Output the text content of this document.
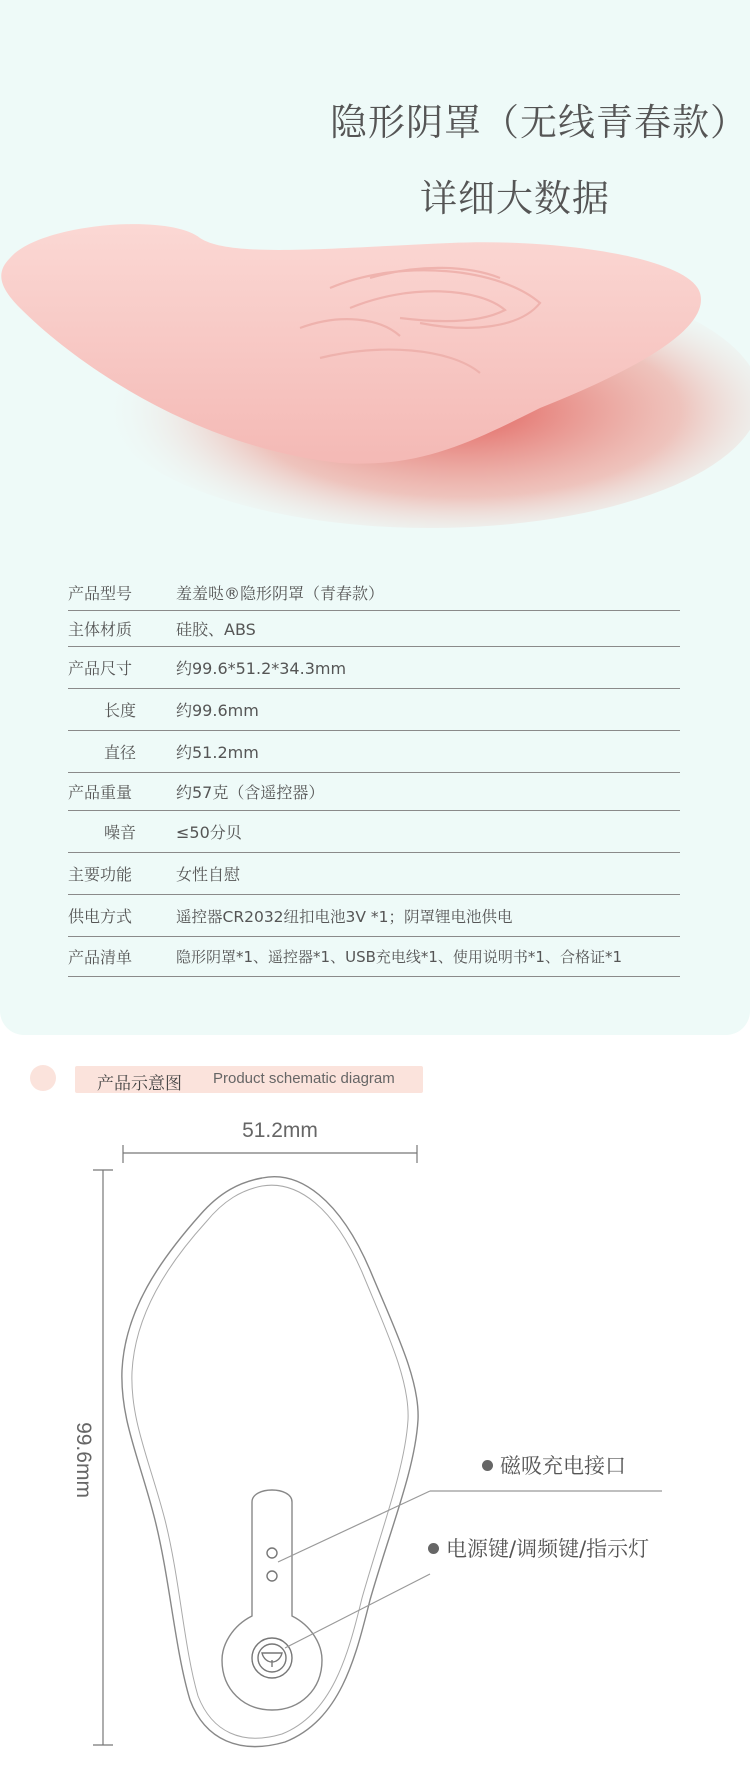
隐形阴罩（无线青春款）
详细大数据
产品型号	羞羞哒®隐形阴罩（青春款）
主体材质	硅胶、ABS
产品尺寸	约99.6*51.2*34.3mm
长度	约99.6mm
直径	约51.2mm
产品重量	约57克（含遥控器）
噪音	≤50分贝
主要功能	女性自慰
供电方式	遥控器CR2032纽扣电池3V *1；阴罩锂电池供电
产品清单	隐形阴罩*1、遥控器*1、USB充电线*1、使用说明书*1、合格证*1
产品示意图 Product schematic diagram
51.2mm
99.6mm	磁吸充电接口
电源键/调频键/指示灯
